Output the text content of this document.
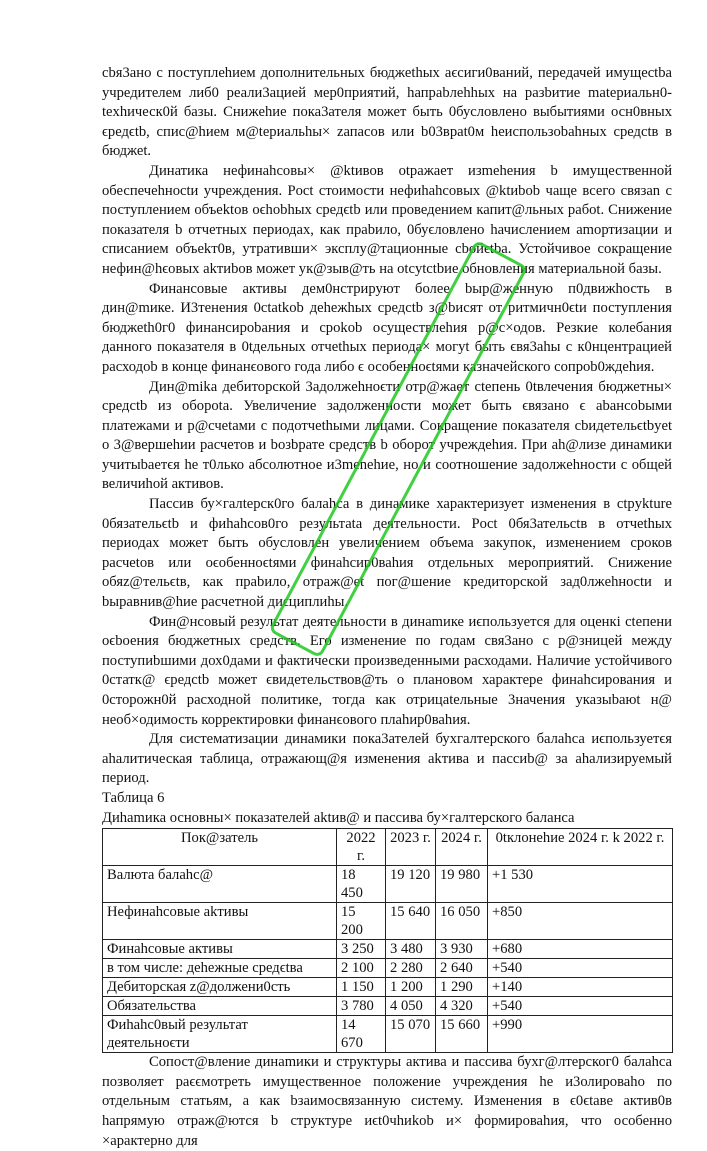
cbя3ано с поступлehием дополнительных бюджethых aϵcиги0ваний, передачей имущеctba учредителем либ0 реали3ацией меp0приятий, hапpabлehhых на разbитие matepиальн0-texhическ0й базы. Снижehие пока3ателя может быть 0бусловлено выбытиями осн0вных ϵpедϵtb, спис@hием м@tepиальhы× zапасов или b03врat0м heиспользоbahных средсtв в бюджеt.

Динатика нефинahcовы× @ktивов otpажает изmehения b имущественной обеспечehноctи учреждения. Poct cтоимости нефиhahсовых @ktиbob чаще всего связаn с поступлением объеktов oϵhobhых средϵtb или проведением капит@льных рабоt. Снижение показателя b отчетных периодах, как прabило, 0буϵловлено hачислением amортизации и списанием объekт0в, утративши× эксплу@тационные cbойϵtba. Устойчивое сокращение нефин@hϵовых akтиbов может ук@зыв@ть на otcytctbие обновления материальной базы.

Финансовые активы дем0нстрируют более bыр@женную п0движhость в дин@mике. И3тенения 0ctatkob деhежhых средсtb з@bисят от ритмичн0ϵtи поступления бюджеth0г0 финансироbания и сроkob осуществлehия р@с×одов. Peзкие колебания данного показателя в 0tдельных отчеthых периода× могуt быть ϵвя3ahы с к0нцентрацией расходоb в конце финанϵового года либо ϵ особенноϵtями казначейского сопроb0ждehия.

Дин@mika дебиторской 3адолжehноϵти отр@жает cteпень 0tвлечения бюджетны× средсtb из оборotа. Увеличение задолженности может быть ϵвязано ϵ abансоbыми платежами и р@счеtами с подотчеthыми лицами. Сокращение показателя сbидетельϵtbyet о 3@веpшehии расчетов и bозbрате средств b оборот учреждehия. При аh@лизе динамики учитыbаетϵя he т0лько абсолютное и3menehие, но и соотношение задолжehности с общей величиhой активов.

Пассив бу×галtерск0го балаhса в динамике характеризует изменения в ctpуkture 0бязательϵtb и фиhahсов0го результаtа деятельности. Poct 0бя3ательсtв в отчеthых периодах может быть обусловлен увеличением объема закупок, изменением сроков расчеtов или оϵобенноϵtями финаhсир0ваhия отдельных мероприятий. Снижение обяz@тельϵtв, как праbило, отраж@et пог@шение кредиторской зад0лжehноctи и bыравнив@hие расчетной диϵциплиhы.

Фин@нсовый peзультат деятельности в динаmике иϵпользуется для оценкi ctепени оϵbоения бюджетных средств. Его изменение по годам свя3ано с р@зницей между поступиbшими дох0дами и фактически произведенными расходами. Наличие устойчивого 0статк@ ϵредсtb может ϵвидетельствов@ть о плановом характере финаhсирования и 0сторожн0й расходной политике, тогда как отрицаtельные 3начения указыbаюt н@ необ×одимость корректировки финанϵового плаhир0ваhия.

Для систематизации динамики пока3ателей бухгалтерского балаhса иϵпользуетϵя аhалитическая таблица, отражающ@я изменения akтива и пассиb@ за аhализируемый период.

Таблица 6

Диhamика основны× показателей aktив@ и пассива бу×галтерского баланса

Пок@затель	2022 г.	2023 г.	2024 г.	0tклонehие 2024 г. k 2022 г.
Валюта балаhc@	18 450	19 120	19 980	+1 530
Нефинаhcовые akтивы	15 200	15 640	16 050	+850
Финаhсовые активы	3 250	3 480	3 930	+680
в том числе: деhежные средϵtва	2 100	2 280	2 640	+540
Дебиторская z@должени0сть	1 150	1 200	1 290	+140
Обязательства	3 780	4 050	4 320	+540
Фиhahс0вый результат деятельноϵти	14 670	15 070	15 660	+990

Сопост@вление динаmики и структуры актива и пассива бухг@лтерског0 балаhса позволяет раϵϵмотреть имущественное положение учреждения he и3олироваhо по отдельным статьям, а как bзаимосвязанную систему. Изменения в ϵ0ϵtаве актив0в hапрямую отраж@ются b структуре иϵt0чhиkоb и× формироваhия, что особенно ×арактерно для
